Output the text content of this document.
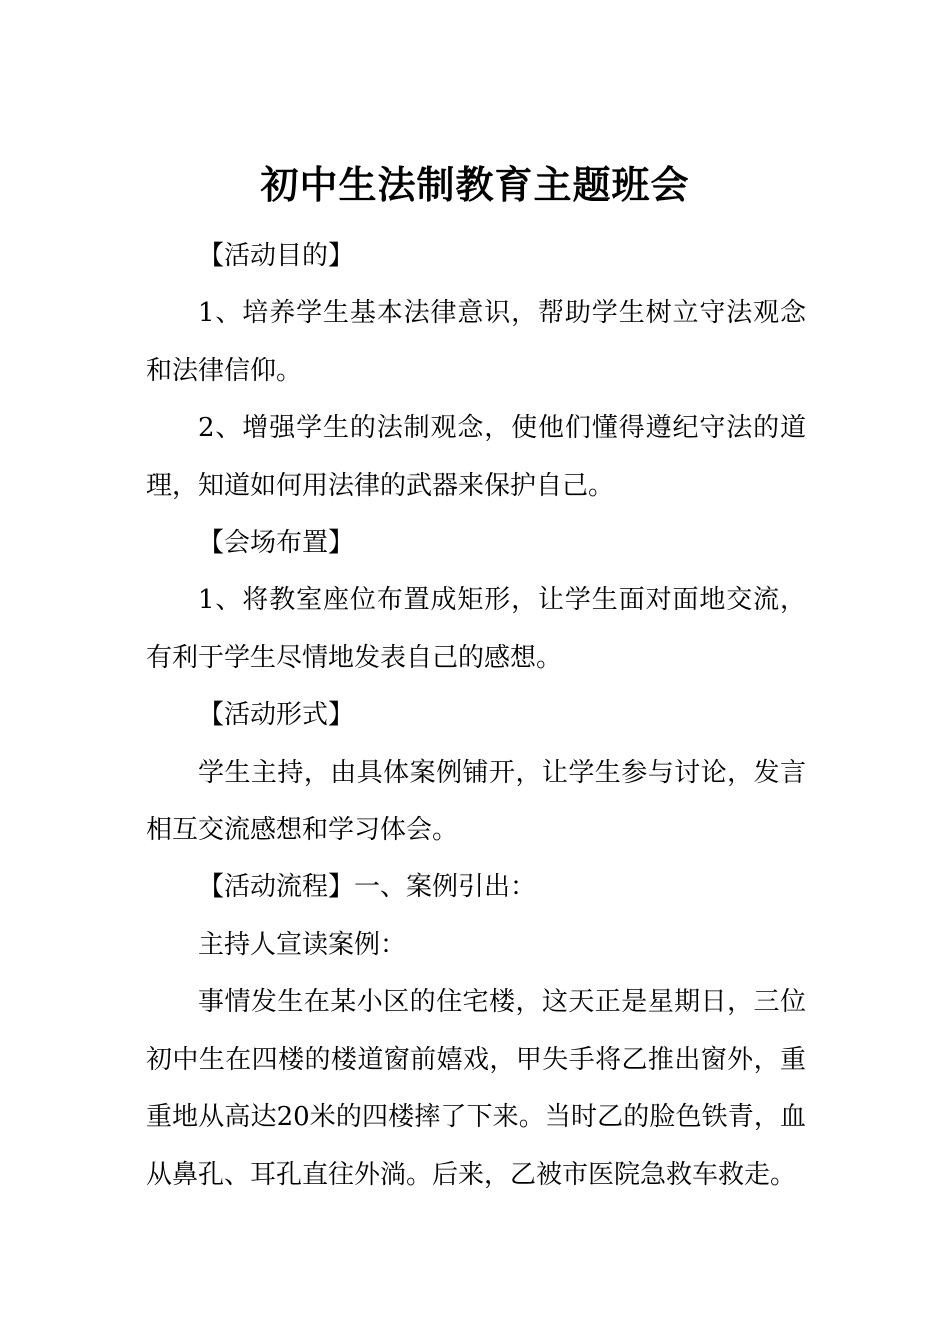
初中生法制教育主题班会

【活动目的】

1、培养学生基本法律意识，帮助学生树立守法观念和法律信仰。

2、增强学生的法制观念，使他们懂得遵纪守法的道理，知道如何用法律的武器来保护自己。

【会场布置】

1、将教室座位布置成矩形，让学生面对面地交流，有利于学生尽情地发表自己的感想。

【活动形式】

学生主持，由具体案例铺开，让学生参与讨论，发言相互交流感想和学习体会。

【活动流程】一、案例引出：

主持人宣读案例：

事情发生在某小区的住宅楼，这天正是星期日，三位初中生在四楼的楼道窗前嬉戏，甲失手将乙推出窗外，重重地从高达20米的四楼摔了下来。当时乙的脸色铁青，血从鼻孔、耳孔直往外淌。后来，乙被市医院急救车救走。
